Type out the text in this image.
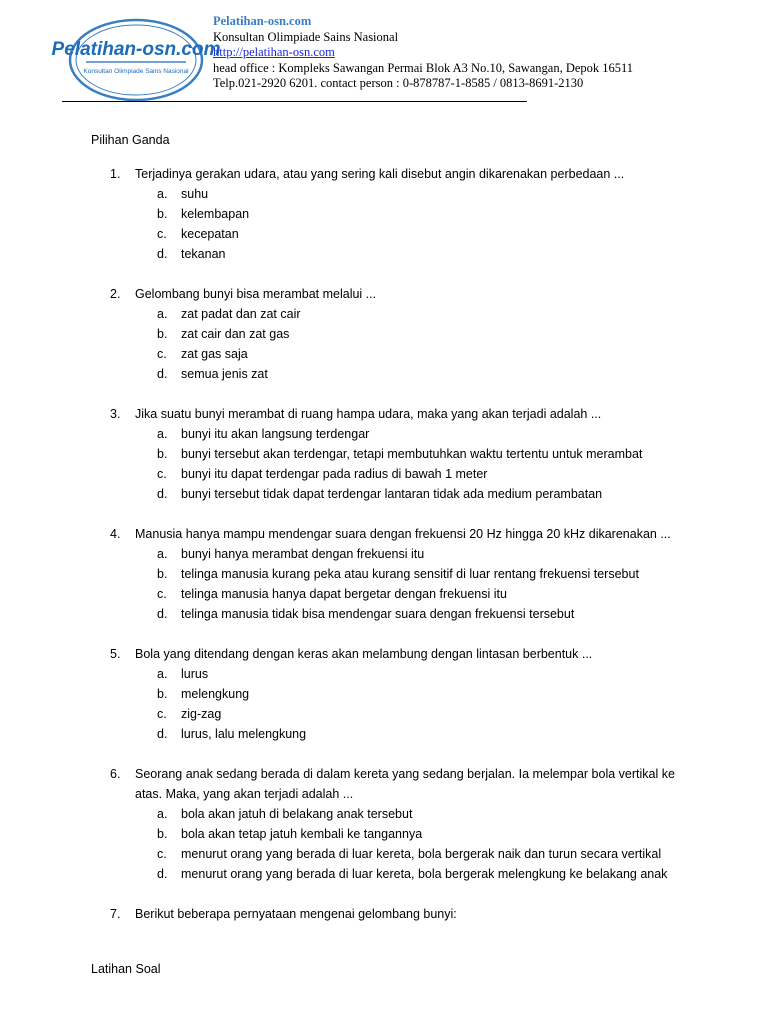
Pelatihan-osn.com
Konsultan Olimpiade Sains Nasional
Pelatihan-osn.com
Konsultan Olimpiade Sains Nasional
http://pelatihan-osn.com
head office : Kompleks Sawangan Permai Blok A3 No.10, Sawangan, Depok 16511
Telp.021-2920 6201. contact person : 0-878787-1-8585 / 0813-8691-2130
Pilihan Ganda
1.	Terjadinya gerakan udara, atau yang sering kali disebut angin dikarenakan perbedaan ...
a. suhu
b. kelembapan
c. kecepatan
d. tekanan
2.	Gelombang bunyi bisa merambat melalui ...
a. zat padat dan zat cair
b. zat cair dan zat gas
c. zat gas saja
d. semua jenis zat
3.	Jika suatu bunyi merambat di ruang hampa udara, maka yang akan terjadi adalah ...
a. bunyi itu akan langsung terdengar
b. bunyi tersebut akan terdengar, tetapi membutuhkan waktu tertentu untuk merambat
c. bunyi itu dapat terdengar pada radius di bawah 1 meter
d. bunyi tersebut tidak dapat terdengar lantaran tidak ada medium perambatan
4.	Manusia hanya mampu mendengar suara dengan frekuensi 20 Hz hingga 20 kHz dikarenakan ...
a. bunyi hanya merambat dengan frekuensi itu
b. telinga manusia kurang peka atau kurang sensitif di luar rentang frekuensi tersebut
c. telinga manusia hanya dapat bergetar dengan frekuensi itu
d. telinga manusia tidak bisa mendengar suara dengan frekuensi tersebut
5.	Bola yang ditendang dengan keras akan melambung dengan lintasan berbentuk ...
a. lurus
b. melengkung
c. zig-zag
d. lurus, lalu melengkung
6.	Seorang anak sedang berada di dalam kereta yang sedang berjalan. Ia melempar bola vertikal ke atas. Maka, yang akan terjadi adalah ...
a. bola akan jatuh di belakang anak tersebut
b. bola akan tetap jatuh kembali ke tangannya
c. menurut orang yang berada di luar kereta, bola bergerak naik dan turun secara vertikal
d. menurut orang yang berada di luar kereta, bola bergerak melengkung ke belakang anak
7.	Berikut beberapa pernyataan mengenai gelombang bunyi:
Latihan Soal
